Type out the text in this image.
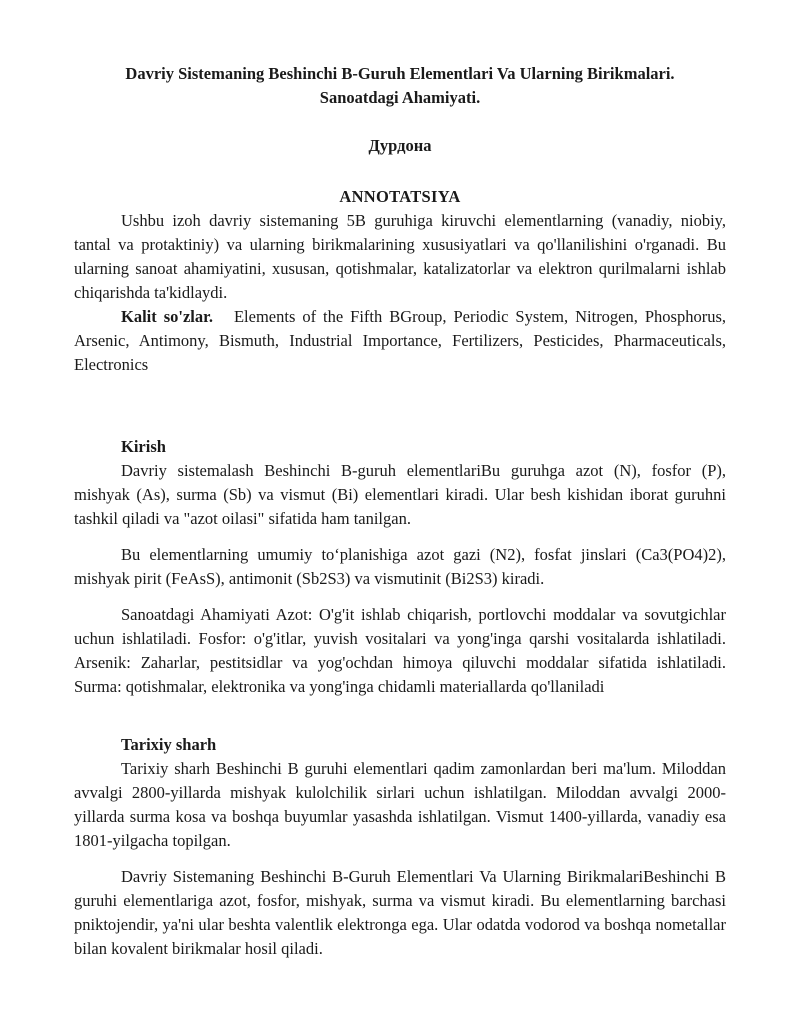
Davriy Sistemaning Beshinchi B-Guruh Elementlari Va Ularning Birikmalari.
Sanoatdagi Ahamiyati.
Дурдона
ANNOTATSIYA

Ushbu izoh davriy sistemaning 5B guruhiga kiruvchi elementlarning (vanadiy, niobiy, tantal va protaktiniy) va ularning birikmalarining xususiyatlari va qo'llanilishini o'rganadi. Bu ularning sanoat ahamiyatini, xususan, qotishmalar, katalizatorlar va elektron qurilmalarni ishlab chiqarishda ta'kidlaydi.

Kalit so'zlar. Elements of the Fifth BGroup, Periodic System, Nitrogen, Phosphorus, Arsenic, Antimony, Bismuth, Industrial Importance, Fertilizers, Pesticides, Pharmaceuticals, Electronics

Kirish

Davriy sistemalash Beshinchi B-guruh elementlariBu guruhga azot (N), fosfor (P), mishyak (As), surma (Sb) va vismut (Bi) elementlari kiradi. Ular besh kishidan iborat guruhni tashkil qiladi va "azot oilasi" sifatida ham tanilgan.

Bu elementlarning umumiy to‘planishiga azot gazi (N2), fosfat jinslari (Ca3(PO4)2), mishyak pirit (FeAsS), antimonit (Sb2S3) va vismutinit (Bi2S3) kiradi.

Sanoatdagi Ahamiyati Azot: O'g'it ishlab chiqarish, portlovchi moddalar va sovutgichlar uchun ishlatiladi. Fosfor: o'g'itlar, yuvish vositalari va yong'inga qarshi vositalarda ishlatiladi. Arsenik: Zaharlar, pestitsidlar va yog'ochdan himoya qiluvchi moddalar sifatida ishlatiladi. Surma: qotishmalar, elektronika va yong'inga chidamli materiallarda qo'llaniladi

Tarixiy sharh

Tarixiy sharh Beshinchi B guruhi elementlari qadim zamonlardan beri ma'lum. Miloddan avvalgi 2800-yillarda mishyak kulolchilik sirlari uchun ishlatilgan. Miloddan avvalgi 2000-yillarda surma kosa va boshqa buyumlar yasashda ishlatilgan. Vismut 1400-yillarda, vanadiy esa 1801-yilgacha topilgan.

Davriy Sistemaning Beshinchi B-Guruh Elementlari Va Ularning BirikmalariBeshinchi B guruhi elementlariga azot, fosfor, mishyak, surma va vismut kiradi. Bu elementlarning barchasi pniktojendir, ya'ni ular beshta valentlik elektronga ega. Ular odatda vodorod va boshqa nometallar bilan kovalent birikmalar hosil qiladi.
